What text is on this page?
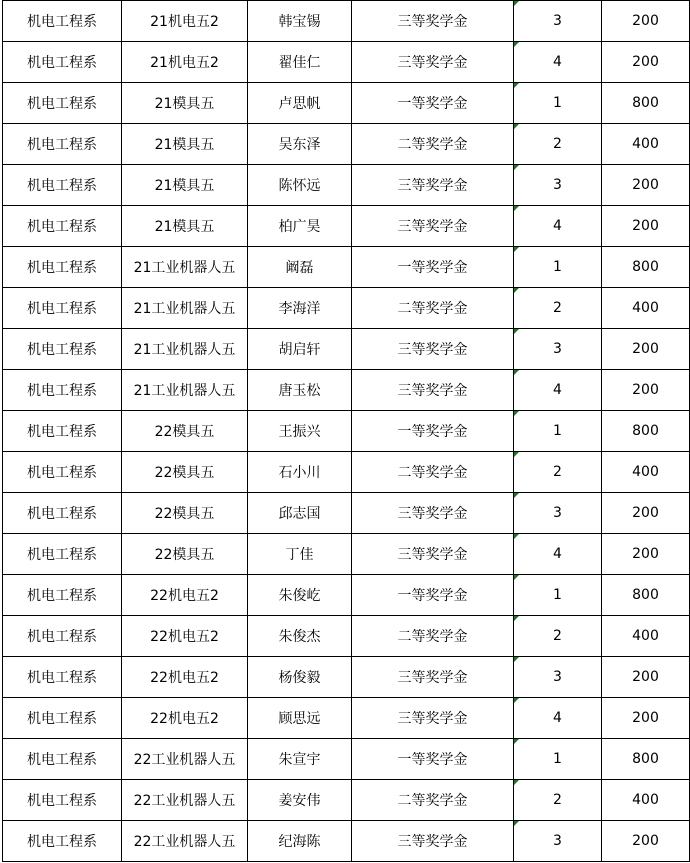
机电工程系	21机电五2	韩宝锡	三等奖学金	3	200
机电工程系	21机电五2	翟佳仁	三等奖学金	4	200
机电工程系	21模具五	卢思帆	一等奖学金	1	800
机电工程系	21模具五	吴东泽	二等奖学金	2	400
机电工程系	21模具五	陈怀远	三等奖学金	3	200
机电工程系	21模具五	柏广昊	三等奖学金	4	200
机电工程系	21工业机器人五	阚磊	一等奖学金	1	800
机电工程系	21工业机器人五	李海洋	二等奖学金	2	400
机电工程系	21工业机器人五	胡启轩	三等奖学金	3	200
机电工程系	21工业机器人五	唐玉松	三等奖学金	4	200
机电工程系	22模具五	王振兴	一等奖学金	1	800
机电工程系	22模具五	石小川	二等奖学金	2	400
机电工程系	22模具五	邱志国	三等奖学金	3	200
机电工程系	22模具五	丁佳	三等奖学金	4	200
机电工程系	22机电五2	朱俊屹	一等奖学金	1	800
机电工程系	22机电五2	朱俊杰	二等奖学金	2	400
机电工程系	22机电五2	杨俊毅	三等奖学金	3	200
机电工程系	22机电五2	顾思远	三等奖学金	4	200
机电工程系	22工业机器人五	朱宣宇	一等奖学金	1	800
机电工程系	22工业机器人五	姜安伟	二等奖学金	2	400
机电工程系	22工业机器人五	纪海陈	三等奖学金	3	200
